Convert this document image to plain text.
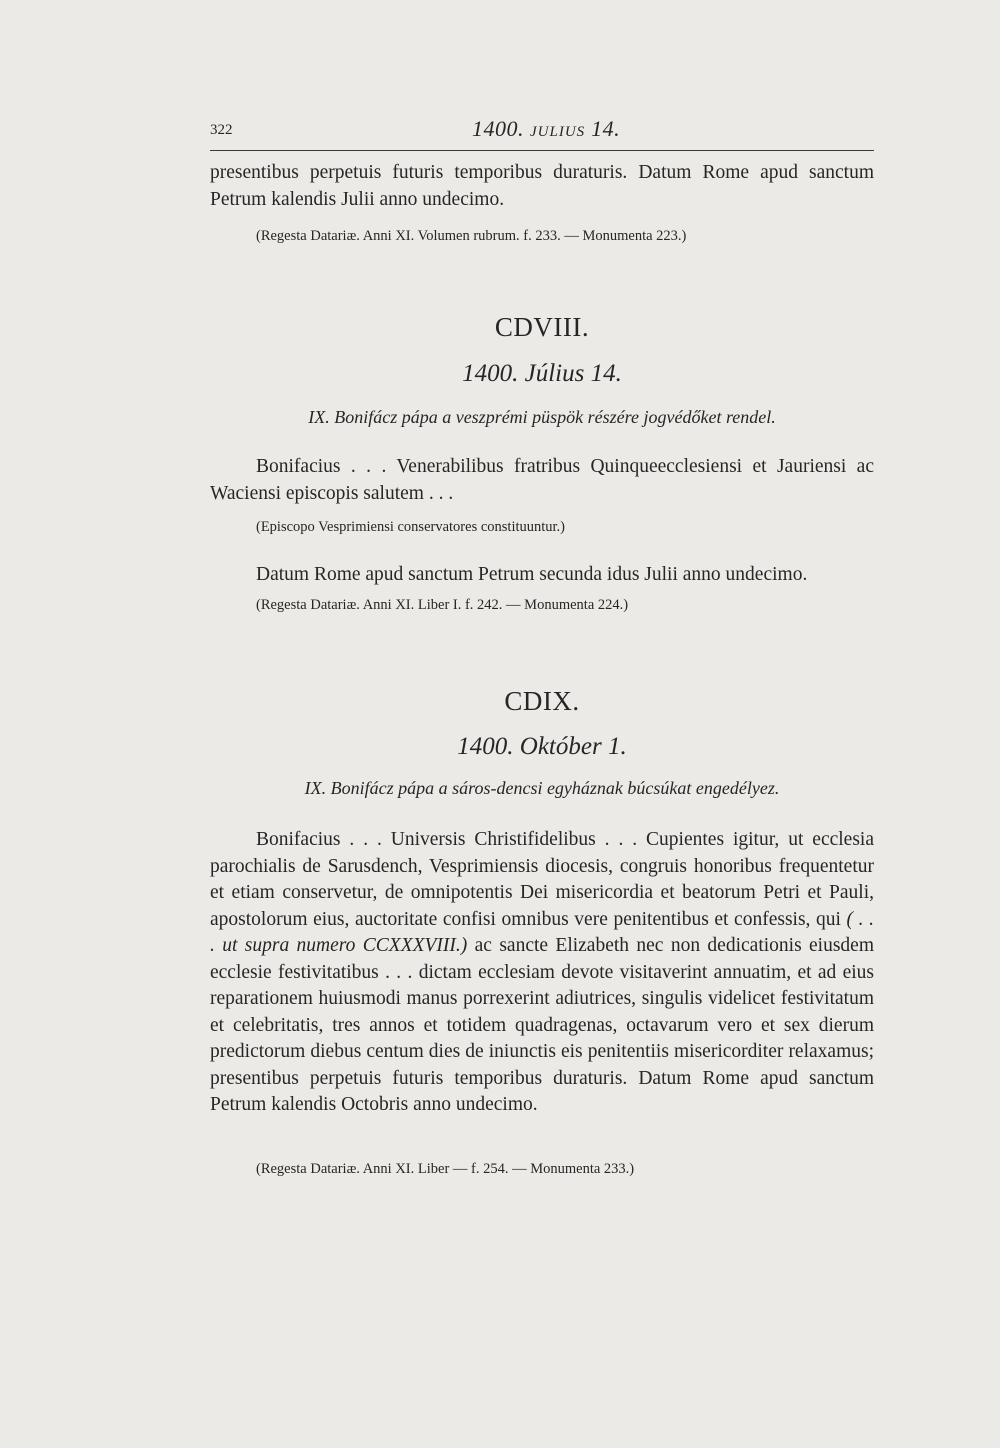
322	1400. JULIUS 14.
presentibus perpetuis futuris temporibus duraturis. Datum Rome apud sanctum Petrum kalendis Julii anno undecimo.
(Regesta Datariæ. Anni XI. Volumen rubrum. f. 233. — Monumenta 223.)
CDVIII.
1400. Július 14.
IX. Bonifácz pápa a veszprémi püspök részére jogvédőket rendel.
Bonifacius . . . Venerabilibus fratribus Quinqueecclesiensi et Jauriensi ac Waciensi episcopis salutem . . .
(Episcopo Vesprimiensi conservatores constituuntur.)
Datum Rome apud sanctum Petrum secunda idus Julii anno undecimo.
(Regesta Datariæ. Anni XI. Liber I. f. 242. — Monumenta 224.)
CDIX.
1400. Október 1.
IX. Bonifácz pápa a sáros-dencsi egyháznak búcsúkat engedélyez.
Bonifacius . . . Universis Christifidelibus . . . Cupientes igitur, ut ecclesia parochialis de Sarusdench, Vesprimiensis diocesis, congruis honoribus frequentetur et etiam conservetur, de omnipotentis Dei misericordia et beatorum Petri et Pauli, apostolorum eius, auctoritate confisi omnibus vere penitentibus et confessis, qui ( . . . ut supra numero CCXXXVIII.) ac sancte Elizabeth nec non dedicationis eiusdem ecclesie festivitatibus . . . dictam ecclesiam devote visitaverint annuatim, et ad eius reparationem huiusmodi manus porrexerint adiutrices, singulis videlicet festivitatum et celebritatis, tres annos et totidem quadragenas, octavarum vero et sex dierum predictorum diebus centum dies de iniunctis eis penitentiis misericorditer relaxamus; presentibus perpetuis futuris temporibus duraturis. Datum Rome apud sanctum Petrum kalendis Octobris anno undecimo.
(Regesta Datariæ. Anni XI. Liber — f. 254. — Monumenta 233.)
